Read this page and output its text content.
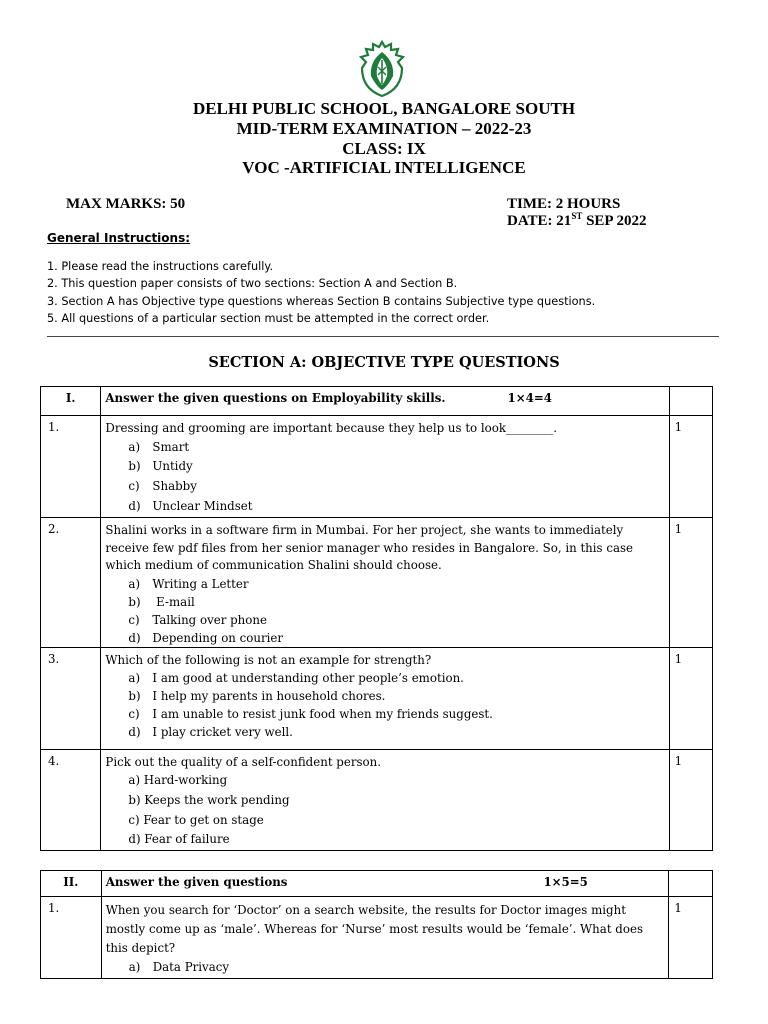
DELHI PUBLIC SCHOOL, BANGALORE SOUTH
MID-TERM EXAMINATION – 2022-23
CLASS: IX
VOC -ARTIFICIAL INTELLIGENCE
MAX MARKS: 50	TIME: 2 HOURS
DATE: 21ST SEP 2022
General Instructions:
1. Please read the instructions carefully.
2. This question paper consists of two sections: Section A and Section B.
3. Section A has Objective type questions whereas Section B contains Subjective type questions.
5. All questions of a particular section must be attempted in the correct order.
SECTION A: OBJECTIVE TYPE QUESTIONS
I.	Answer the given questions on Employability skills. 1×4=4	

1.	Dressing and grooming are important because they help us to look________.
a) Smart
b) Untidy
c) Shabby
d) Unclear Mindset	1
2.	Shalini works in a software firm in Mumbai. For her project, she wants to immediately receive few pdf files from her senior manager who resides in Bangalore. So, in this case which medium of communication Shalini should choose.
a) Writing a Letter
b) E-mail
c) Talking over phone
d) Depending on courier	1
3.	Which of the following is not an example for strength?
a) I am good at understanding other people’s emotion.
b) I help my parents in household chores.
c) I am unable to resist junk food when my friends suggest.
d) I play cricket very well.	1
4.	Pick out the quality of a self-confident person.
a) Hard-working
b) Keeps the work pending
c) Fear to get on stage
d) Fear of failure	1
II.	Answer the given questions 1×5=5	

1.	When you search for ‘Doctor’ on a search website, the results for Doctor images might mostly come up as ‘male’. Whereas for ‘Nurse’ most results would be ‘female’. What does this depict?
a) Data Privacy	1
